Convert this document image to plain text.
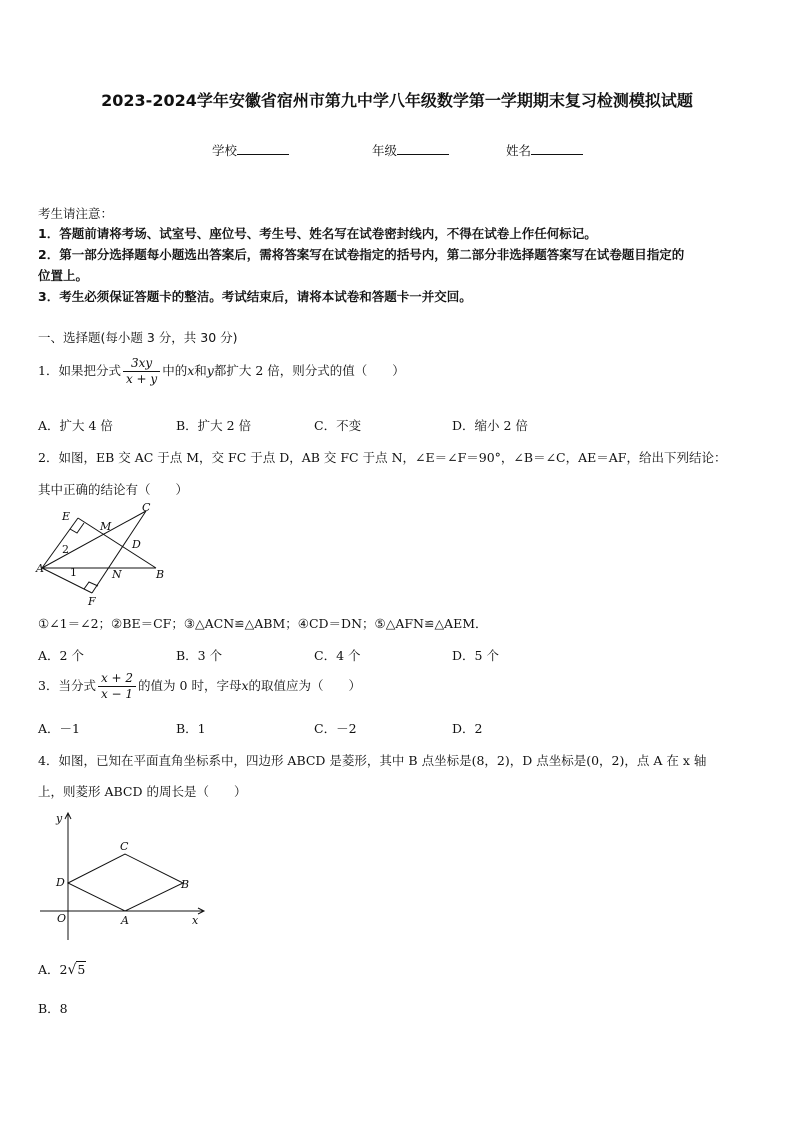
2023-2024学年安徽省宿州市第九中学八年级数学第一学期期末复习检测模拟试题
学校	年级	姓名
考生请注意：
1．答题前请将考场、试室号、座位号、考生号、姓名写在试卷密封线内，不得在试卷上作任何标记。
2．第一部分选择题每小题选出答案后，需将答案写在试卷指定的括号内，第二部分非选择题答案写在试卷题目指定的
位置上。
3．考生必须保证答题卡的整洁。考试结束后，请将本试卷和答题卡一并交回。
一、选择题(每小题 3 分，共 30 分)
1．如果把分式 $\frac{3xy}{x + y}$ 中的x和y都扩大 2 倍，则分式的值（　　）
A．扩大 4 倍	B．扩大 2 倍	C．不变	D．缩小 2 倍
2．如图，EB 交 AC 于点 M，交 FC 于点 D，AB 交 FC 于点 N，∠E＝∠F＝90°，∠B＝∠C，AE＝AF，给出下列结论：
其中正确的结论有（　　）
E
M
C
2	D
A 1	N	B
F
①∠1＝∠2；②BE＝CF；③△ACN≌△ABM；④CD＝DN；⑤△AFN≌△AEM．
A．2 个	B．3 个	C．4 个	D．5 个
3．当分式 $\frac{x + 2}{x - 1}$ 的值为 0 时，字母x的取值应为（　　）
A．－1	B．1	C．－2	D．2
4．如图，已知在平面直角坐标系中，四边形 ABCD 是菱形，其中 B 点坐标是(8，2)，D 点坐标是(0，2)，点 A 在 x 轴
上，则菱形 ABCD 的周长是（　　）
y
C
D	B
O	A	x
A．2√5
B．8
